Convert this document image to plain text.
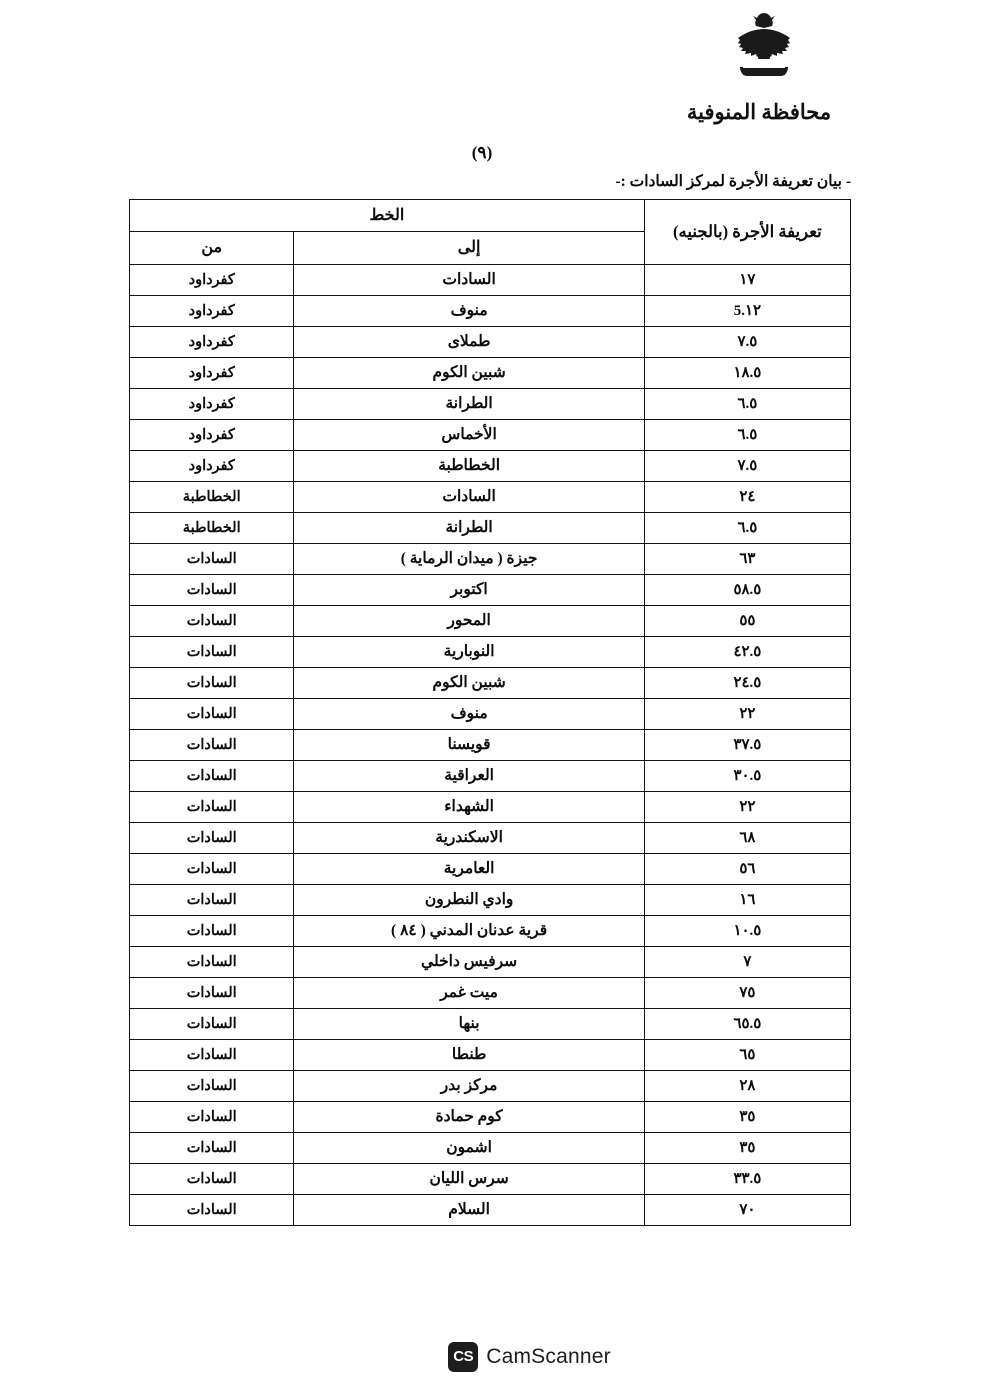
محافظة المنوفية
(٩)
- بيان تعريفة الأجرة لمركز السادات :-
تعريفة الأجرة (بالجنيه)	الخط	
	إلى	من
١٧	السادات	كفرداود
١٢.5	منوف	كفرداود
٧.٥	طملاى	كفرداود
١٨.٥	شبين الكوم	كفرداود
٦.٥	الطرانة	كفرداود
٦.٥	الأخماس	كفرداود
٧.٥	الخطاطبة	كفرداود
٢٤	السادات	الخطاطبة
٦.٥	الطرانة	الخطاطبة
٦٣	جيزة ( ميدان الرماية )	السادات
٥٨.٥	اكتوبر	السادات
٥٥	المحور	السادات
٤٢.٥	النوبارية	السادات
٢٤.٥	شبين الكوم	السادات
٢٢	منوف	السادات
٣٧.٥	قويسنا	السادات
٣٠.٥	العراقية	السادات
٢٢	الشهداء	السادات
٦٨	الاسكندرية	السادات
٥٦	العامرية	السادات
١٦	وادي النطرون	السادات
١٠.٥	قرية عدنان المدني ( ٨٤ )	السادات
٧	سرفيس داخلي	السادات
٧٥	ميت غمر	السادات
٦٥.٥	بنها	السادات
٦٥	طنطا	السادات
٢٨	مركز بدر	السادات
٣٥	كوم حمادة	السادات
٣٥	اشمون	السادات
٣٣.٥	سرس الليان	السادات
٧٠	السلام	السادات
CS CamScanner
